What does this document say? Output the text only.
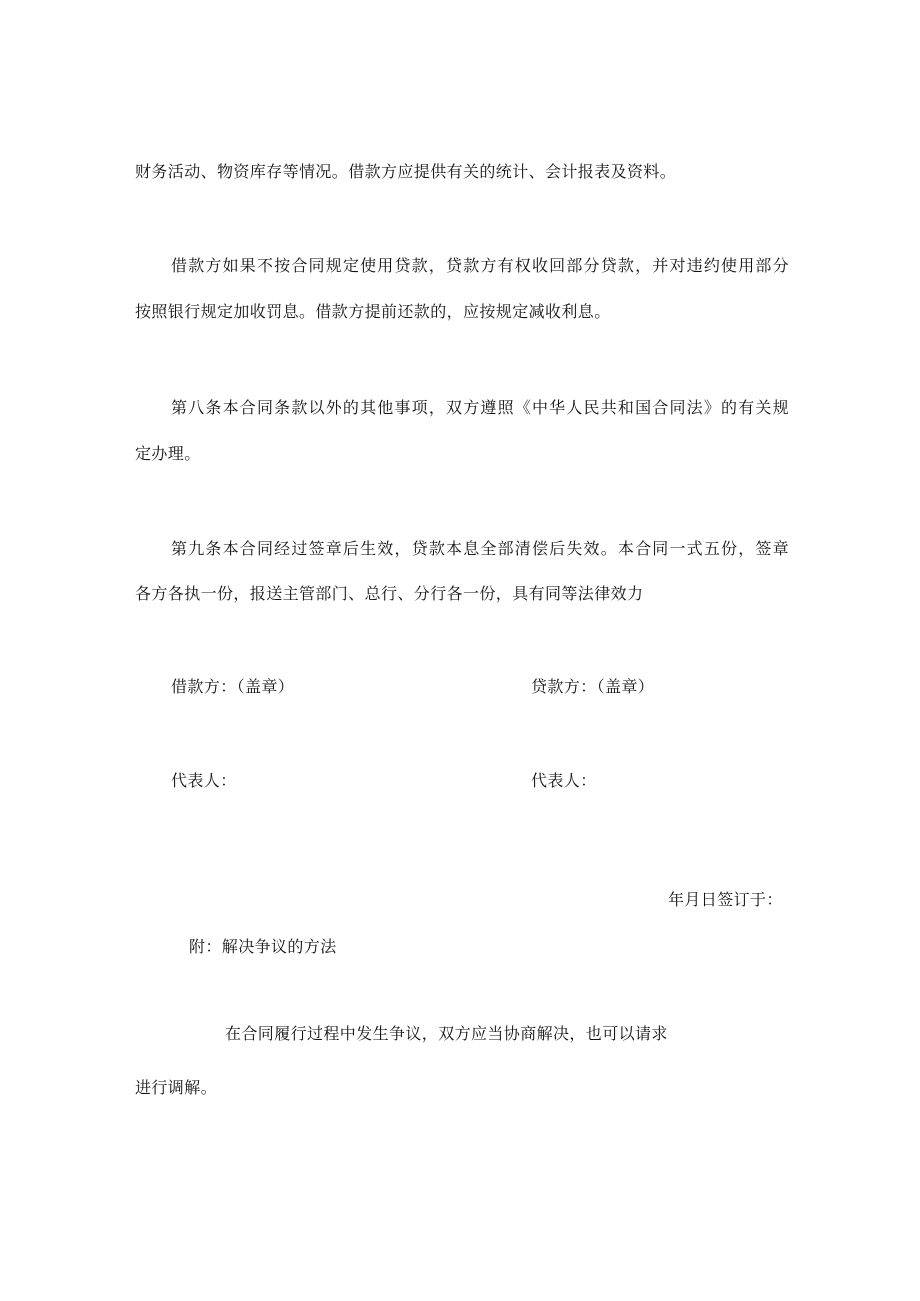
财务活动、物资库存等情况。借款方应提供有关的统计、会计报表及资料。
借款方如果不按合同规定使用贷款，贷款方有权收回部分贷款，并对违约使用部分
按照银行规定加收罚息。借款方提前还款的，应按规定减收利息。
第八条本合同条款以外的其他事项，双方遵照《中华人民共和国合同法》的有关规
定办理。
第九条本合同经过签章后生效，贷款本息全部清偿后失效。本合同一式五份，签章
各方各执一份，报送主管部门、总行、分行各一份，具有同等法律效力
借款方：（盖章）	贷款方：（盖章）
代表人：	代表人：
年月日签订于：
附：解决争议的方法
在合同履行过程中发生争议，双方应当协商解决，也可以请求
进行调解。
